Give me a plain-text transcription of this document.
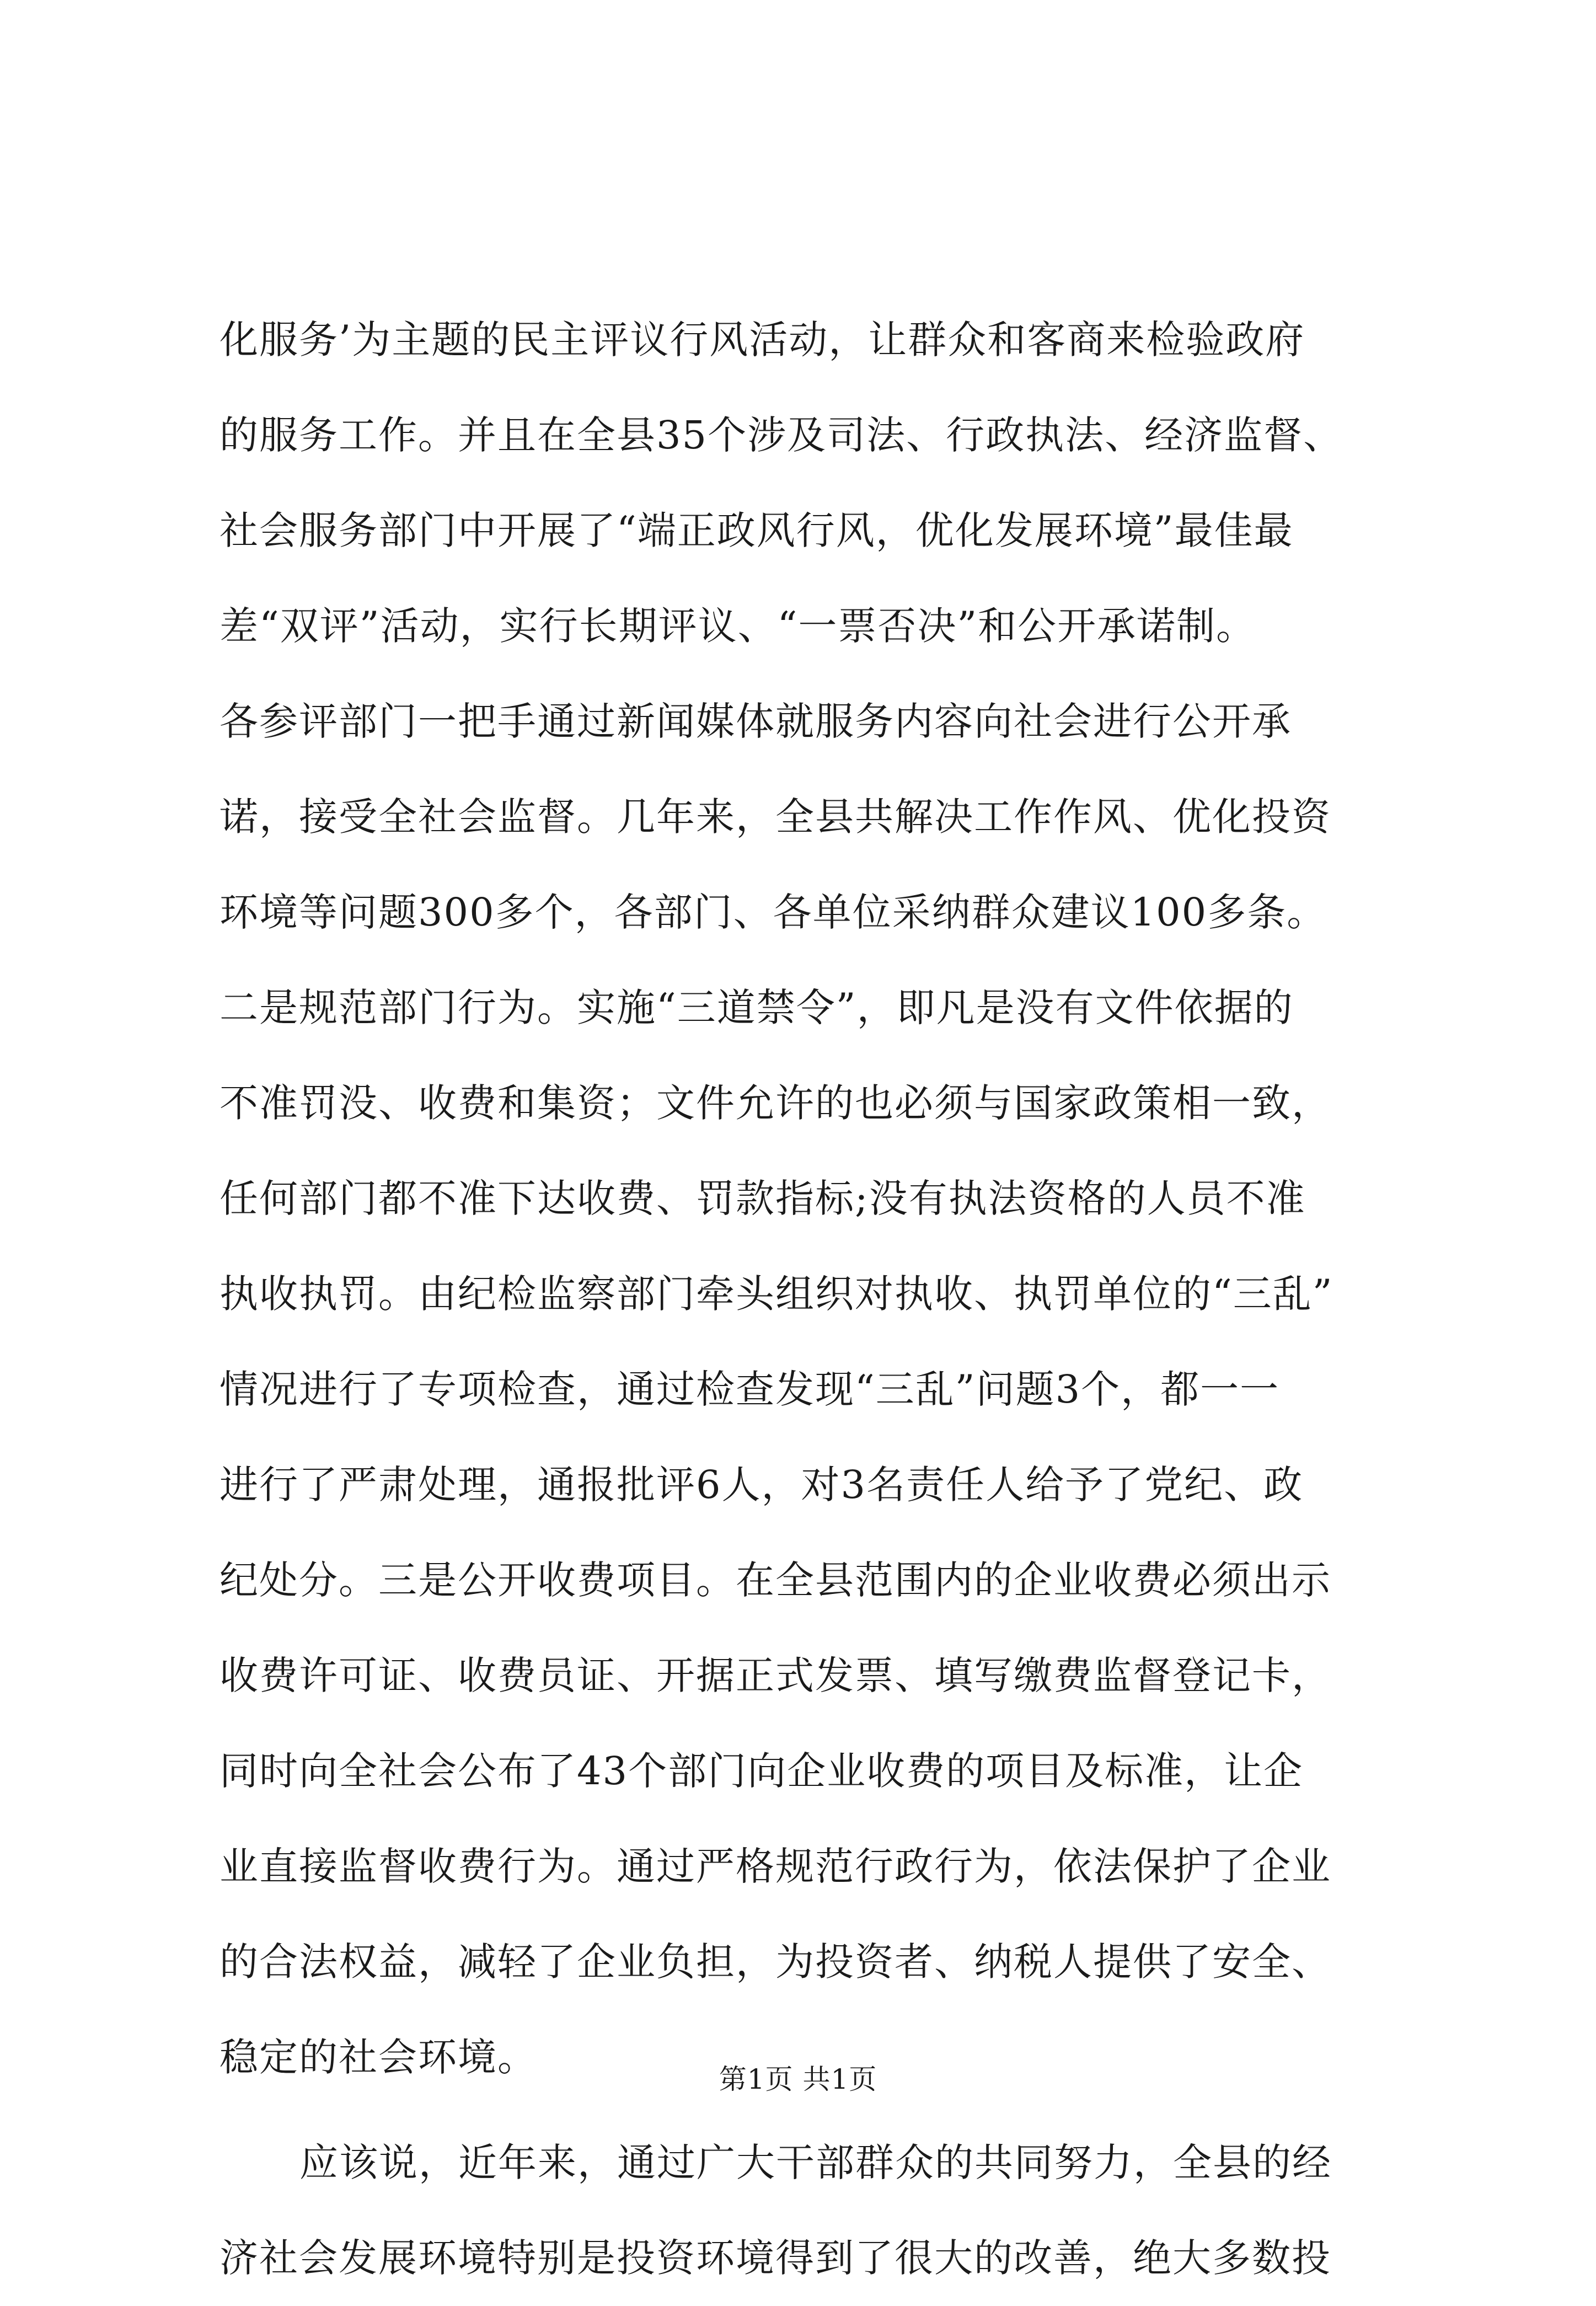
化服务’为主题的民主评议行风活动，让群众和客商来检验政府
的服务工作。并且在全县35个涉及司法、行政执法、经济监督、
社会服务部门中开展了“端正政风行风，优化发展环境”最佳最
差“双评”活动，实行长期评议、“一票否决”和公开承诺制。
各参评部门一把手通过新闻媒体就服务内容向社会进行公开承
诺，接受全社会监督。几年来，全县共解决工作作风、优化投资
环境等问题300多个，各部门、各单位采纳群众建议100多条。
二是规范部门行为。实施“三道禁令”，即凡是没有文件依据的
不准罚没、收费和集资；文件允许的也必须与国家政策相一致，
任何部门都不准下达收费、罚款指标;没有执法资格的人员不准
执收执罚。由纪检监察部门牵头组织对执收、执罚单位的“三乱”
情况进行了专项检查，通过检查发现“三乱”问题3个，都一一
进行了严肃处理，通报批评6人，对3名责任人给予了党纪、政
纪处分。三是公开收费项目。在全县范围内的企业收费必须出示
收费许可证、收费员证、开据正式发票、填写缴费监督登记卡，
同时向全社会公布了43个部门向企业收费的项目及标准，让企
业直接监督收费行为。通过严格规范行政行为，依法保护了企业
的合法权益，减轻了企业负担，为投资者、纳税人提供了安全、
稳定的社会环境。
应该说，近年来，通过广大干部群众的共同努力，全县的经
济社会发展环境特别是投资环境得到了很大的改善，绝大多数投
第1页 共1页
